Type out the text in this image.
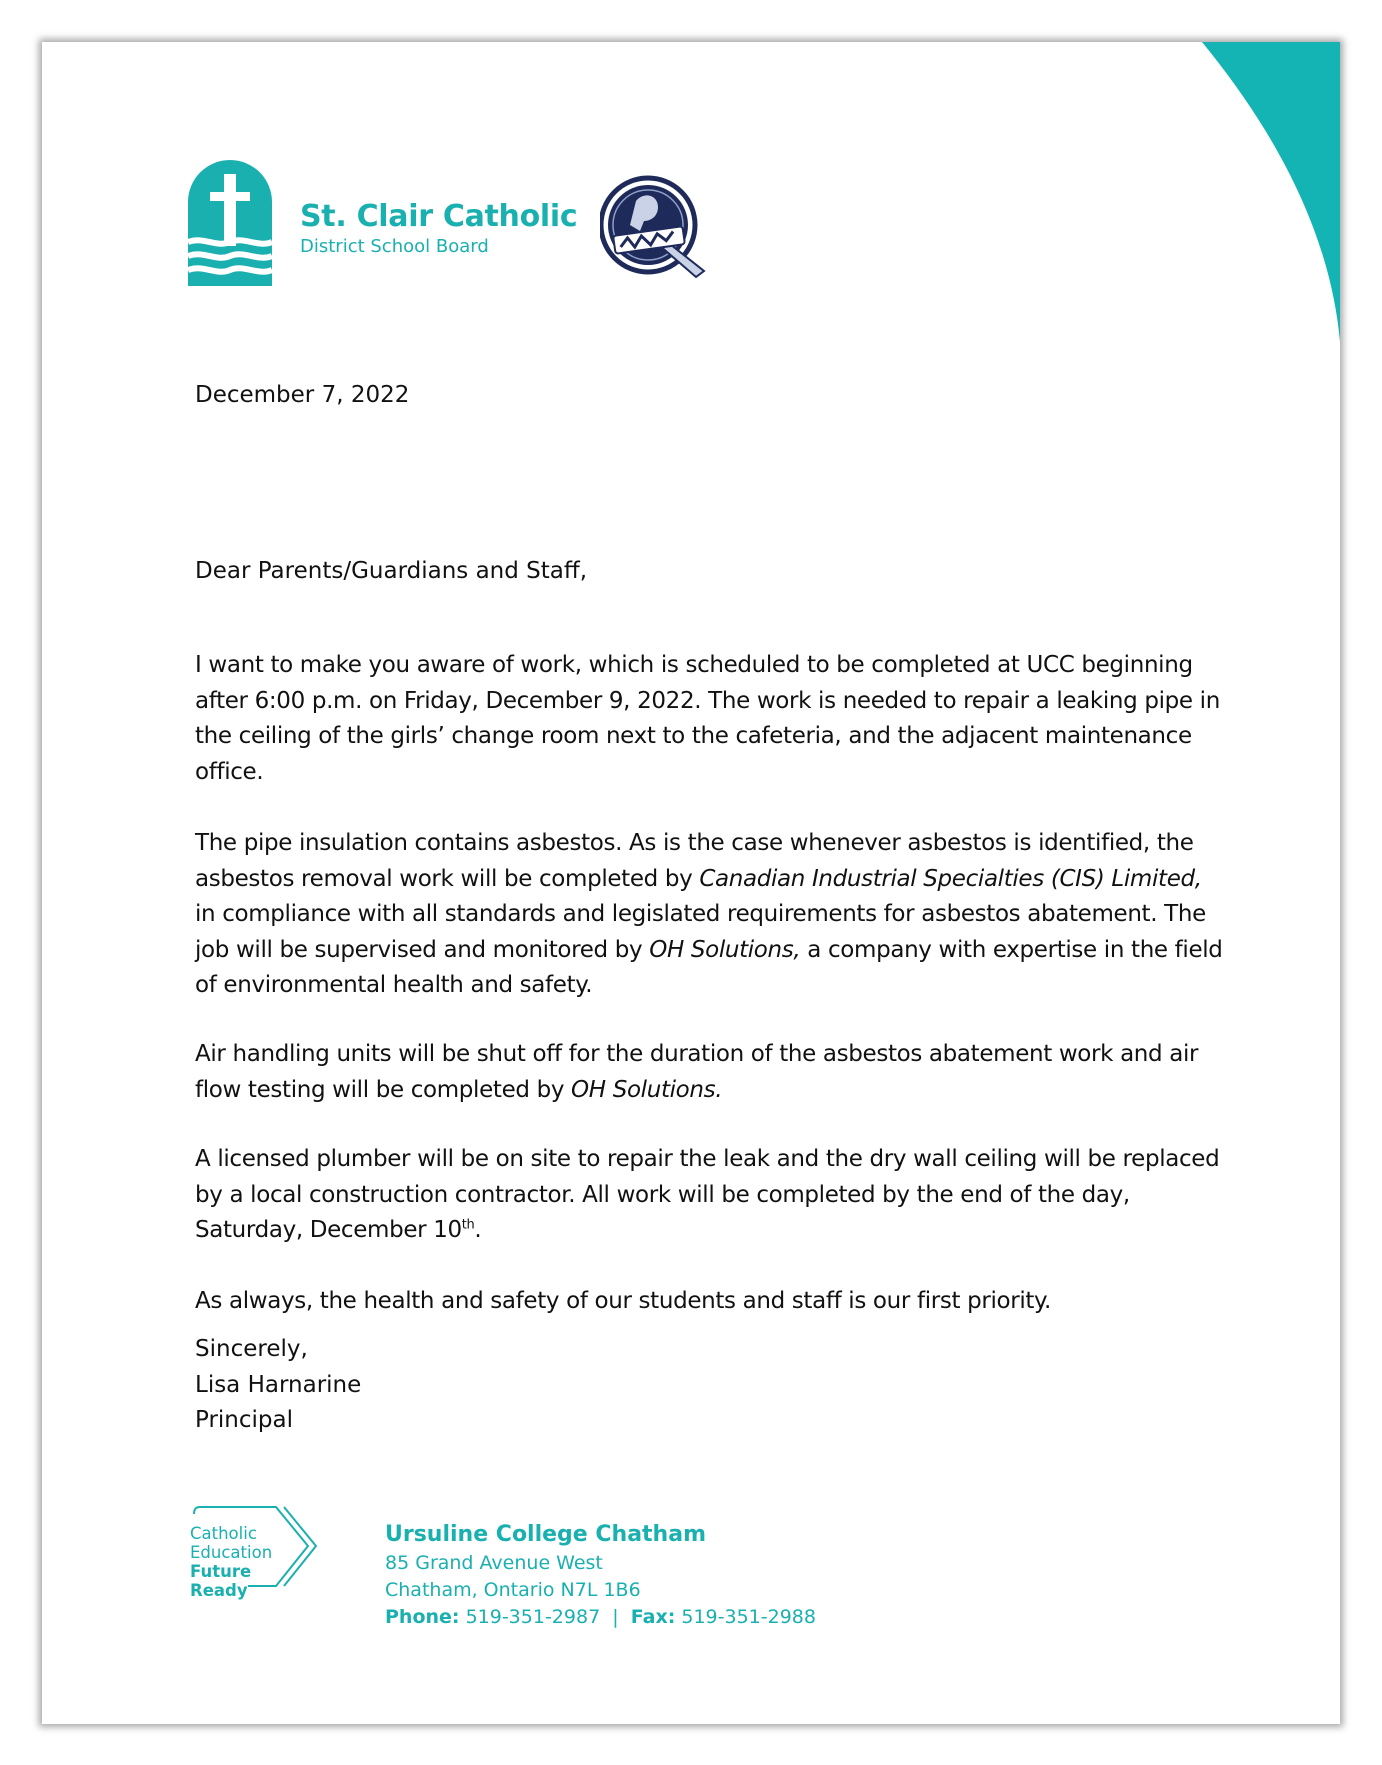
St. Clair Catholic
District School Board
December 7, 2022
Dear Parents/Guardians and Staff,

I want to make you aware of work, which is scheduled to be completed at UCC beginning after 6:00 p.m. on Friday, December 9, 2022. The work is needed to repair a leaking pipe in the ceiling of the girls’ change room next to the cafeteria, and the adjacent maintenance office.

The pipe insulation contains asbestos. As is the case whenever asbestos is identified, the asbestos removal work will be completed by Canadian Industrial Specialties (CIS) Limited, in compliance with all standards and legislated requirements for asbestos abatement. The job will be supervised and monitored by OH Solutions, a company with expertise in the field of environmental health and safety.

Air handling units will be shut off for the duration of the asbestos abatement work and air flow testing will be completed by OH Solutions.

A licensed plumber will be on site to repair the leak and the dry wall ceiling will be replaced by a local construction contractor. All work will be completed by the end of the day, Saturday, December 10th.

As always, the health and safety of our students and staff is our first priority.

Sincerely,
Lisa Harnarine
Principal
Catholic
Education
Future
Ready
Ursuline College Chatham
85 Grand Avenue West
Chatham, Ontario N7L 1B6
Phone: 519-351-2987 | Fax: 519-351-2988
